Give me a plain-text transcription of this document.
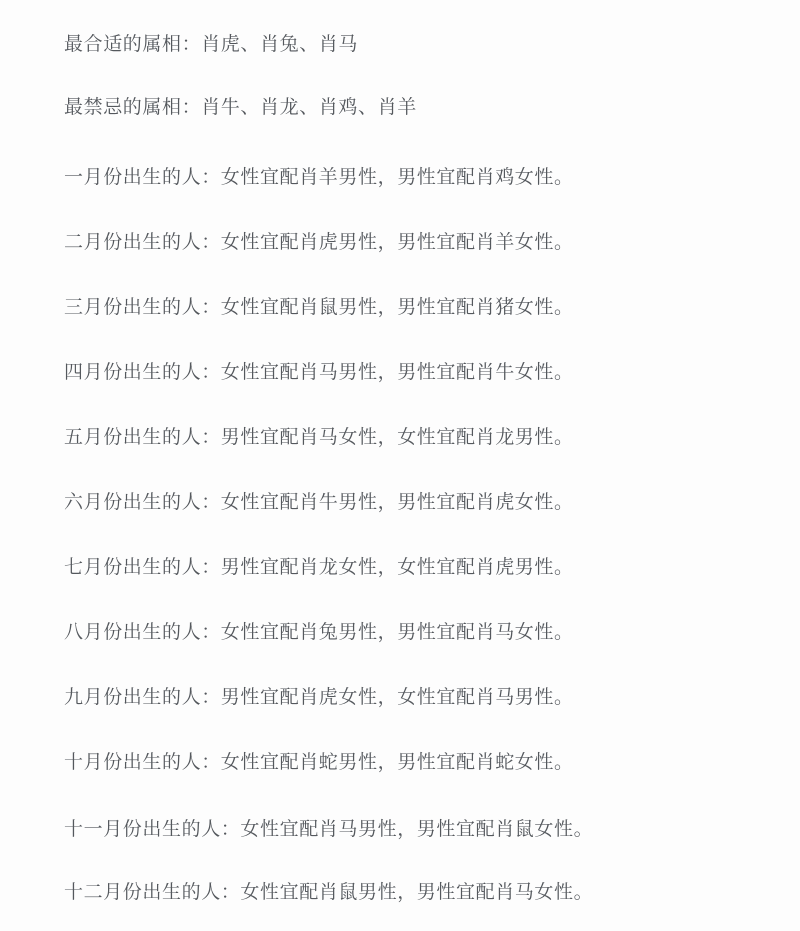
最合适的属相：肖虎、肖兔、肖马

最禁忌的属相：肖牛、肖龙、肖鸡、肖羊

一月份出生的人：女性宜配肖羊男性，男性宜配肖鸡女性。

二月份出生的人：女性宜配肖虎男性，男性宜配肖羊女性。

三月份出生的人：女性宜配肖鼠男性，男性宜配肖猪女性。

四月份出生的人：女性宜配肖马男性，男性宜配肖牛女性。

五月份出生的人：男性宜配肖马女性，女性宜配肖龙男性。

六月份出生的人：女性宜配肖牛男性，男性宜配肖虎女性。

七月份出生的人：男性宜配肖龙女性，女性宜配肖虎男性。

八月份出生的人：女性宜配肖兔男性，男性宜配肖马女性。

九月份出生的人：男性宜配肖虎女性，女性宜配肖马男性。

十月份出生的人：女性宜配肖蛇男性，男性宜配肖蛇女性。

十一月份出生的人：女性宜配肖马男性，男性宜配肖鼠女性。

十二月份出生的人：女性宜配肖鼠男性，男性宜配肖马女性。
